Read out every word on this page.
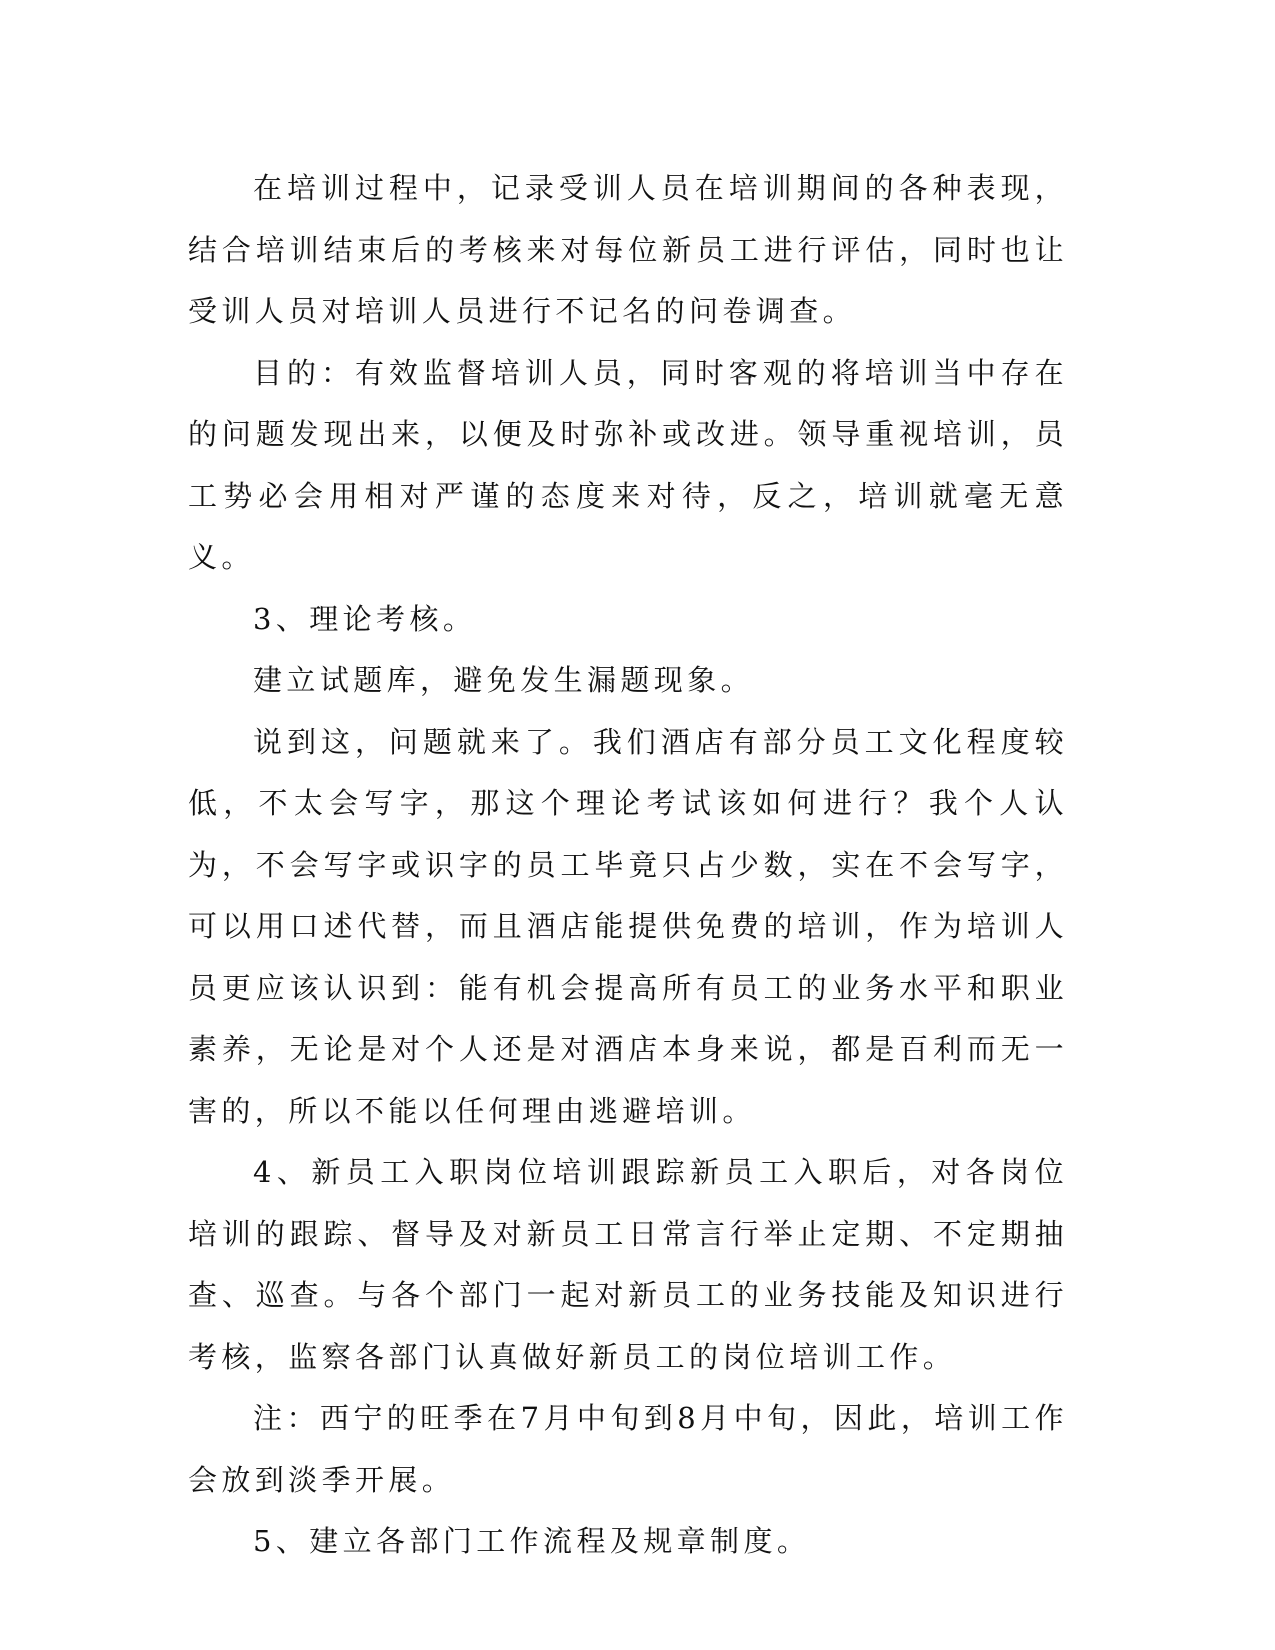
在培训过程中，记录受训人员在培训期间的各种表现，结合培训结束后的考核来对每位新员工进行评估，同时也让受训人员对培训人员进行不记名的问卷调查。

目的：有效监督培训人员，同时客观的将培训当中存在的问题发现出来，以便及时弥补或改进。领导重视培训，员工势必会用相对严谨的态度来对待，反之，培训就毫无意义。

3、理论考核。

建立试题库，避免发生漏题现象。

说到这，问题就来了。我们酒店有部分员工文化程度较低，不太会写字，那这个理论考试该如何进行？我个人认为，不会写字或识字的员工毕竟只占少数，实在不会写字，可以用口述代替，而且酒店能提供免费的培训，作为培训人员更应该认识到：能有机会提高所有员工的业务水平和职业素养，无论是对个人还是对酒店本身来说，都是百利而无一害的，所以不能以任何理由逃避培训。

4、新员工入职岗位培训跟踪新员工入职后，对各岗位培训的跟踪、督导及对新员工日常言行举止定期、不定期抽查、巡查。与各个部门一起对新员工的业务技能及知识进行考核，监察各部门认真做好新员工的岗位培训工作。

注：西宁的旺季在7月中旬到8月中旬，因此，培训工作会放到淡季开展。

5、建立各部门工作流程及规章制度。
